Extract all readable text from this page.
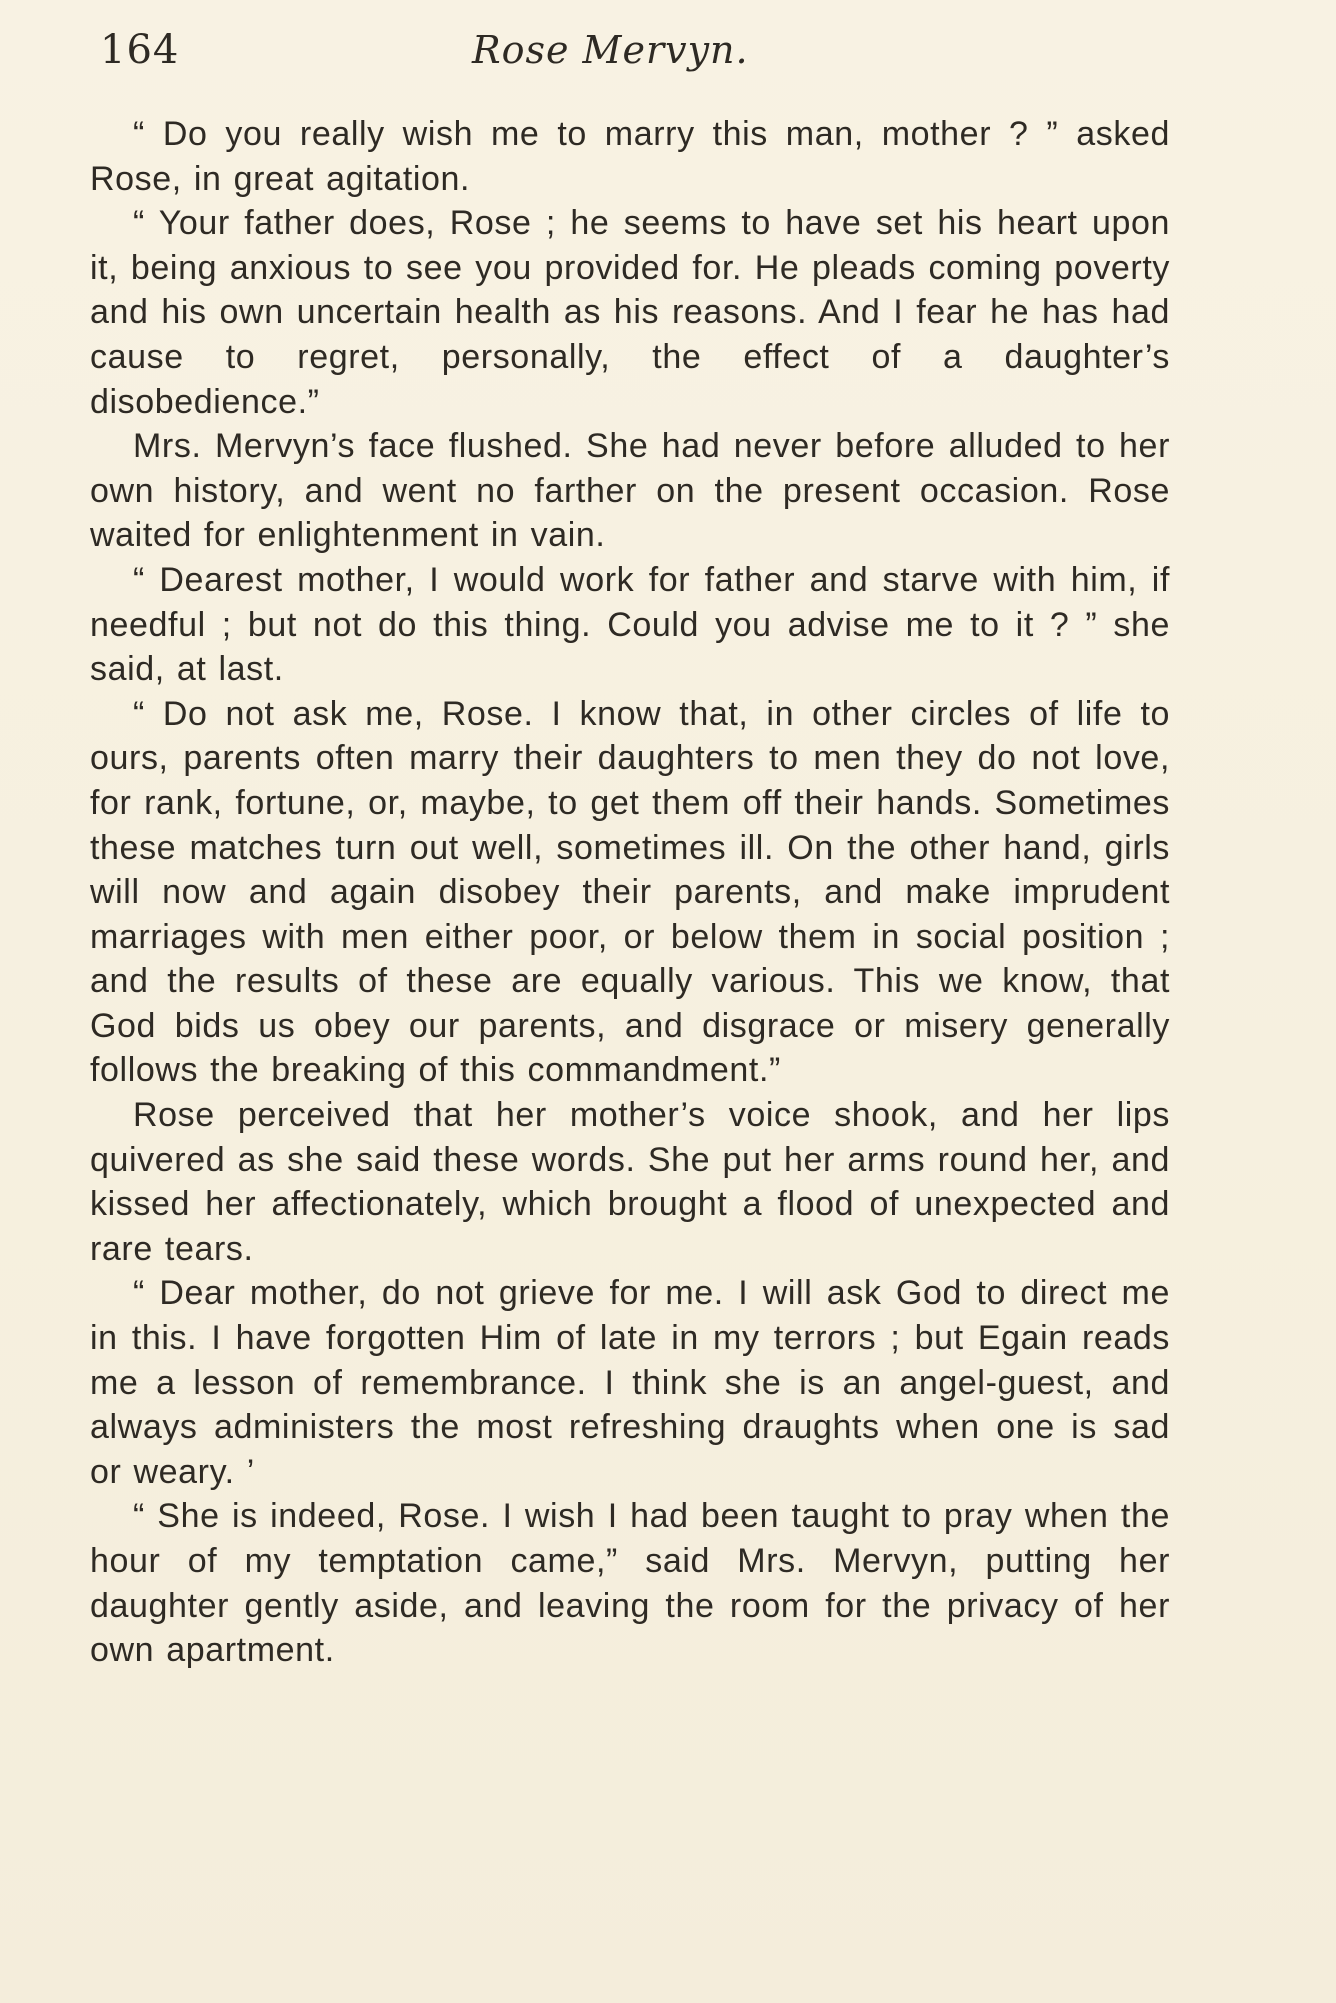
164	Rose Mervyn.

“ Do you really wish me to marry this man, mother ? ” asked Rose, in great agitation.

“ Your father does, Rose ; he seems to have set his heart upon it, being anxious to see you provided for. He pleads coming poverty and his own uncertain health as his reasons. And I fear he has had cause to regret, personally, the effect of a daughter’s disobedience.”

Mrs. Mervyn’s face flushed. She had never before alluded to her own history, and went no farther on the present occasion. Rose waited for enlightenment in vain.

“ Dearest mother, I would work for father and starve with him, if needful ; but not do this thing. Could you advise me to it ? ” she said, at last.

“ Do not ask me, Rose. I know that, in other circles of life to ours, parents often marry their daughters to men they do not love, for rank, fortune, or, maybe, to get them off their hands. Sometimes these matches turn out well, sometimes ill. On the other hand, girls will now and again disobey their parents, and make imprudent marriages with men either poor, or below them in social position ; and the results of these are equally various. This we know, that God bids us obey our parents, and disgrace or misery generally follows the breaking of this commandment.”

Rose perceived that her mother’s voice shook, and her lips quivered as she said these words. She put her arms round her, and kissed her affectionately, which brought a flood of unexpected and rare tears.

“ Dear mother, do not grieve for me. I will ask God to direct me in this. I have forgotten Him of late in my terrors ; but Egain reads me a lesson of remembrance. I think she is an angel-guest, and always administers the most refreshing draughts when one is sad or weary. ’

“ She is indeed, Rose. I wish I had been taught to pray when the hour of my temptation came,” said Mrs. Mervyn, putting her daughter gently aside, and leaving the room for the privacy of her own apartment.
